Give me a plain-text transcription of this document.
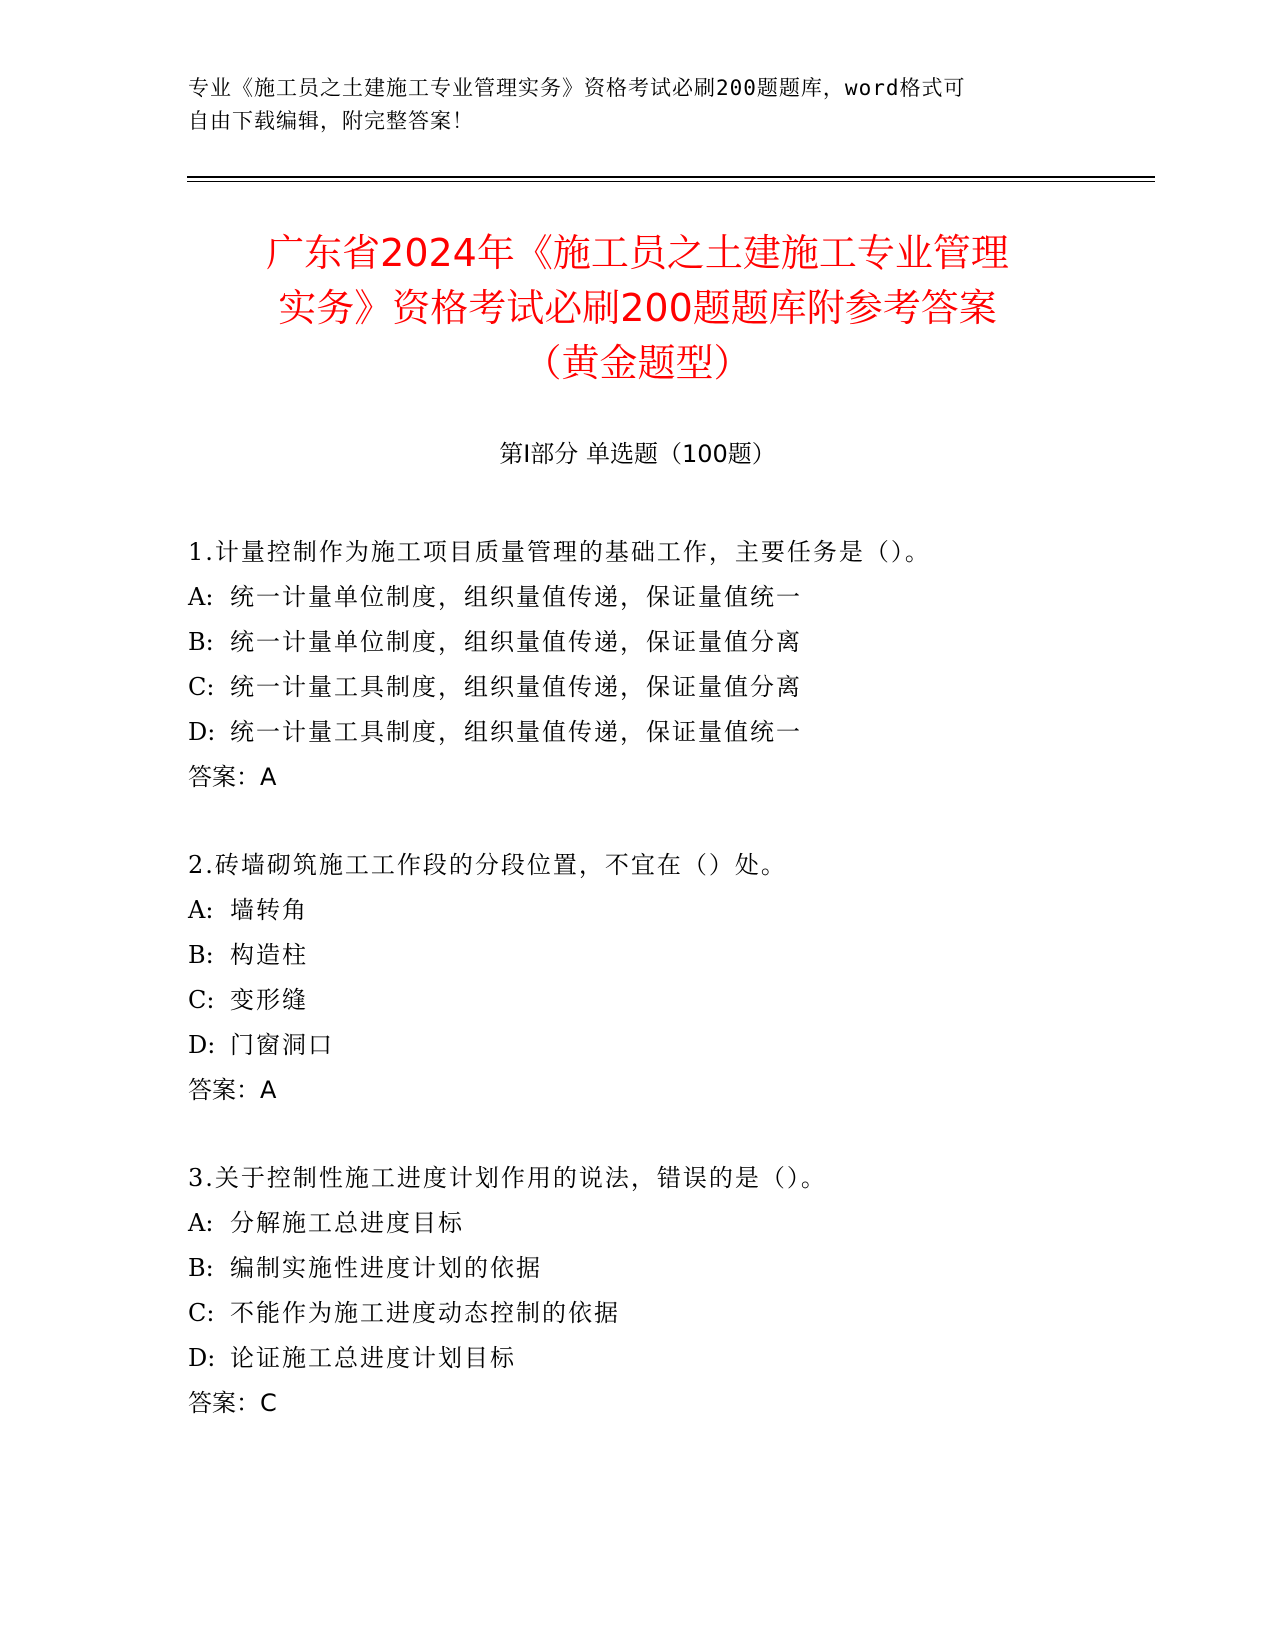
专业《施工员之土建施工专业管理实务》资格考试必刷200题题库，word格式可
自由下载编辑，附完整答案！
广东省2024年《施工员之土建施工专业管理
实务》资格考试必刷200题题库附参考答案
（黄金题型）
第Ⅰ部分 单选题（100题）
1.计量控制作为施工项目质量管理的基础工作，主要任务是（）。
A: 统一计量单位制度，组织量值传递，保证量值统一
B: 统一计量单位制度，组织量值传递，保证量值分离
C: 统一计量工具制度，组织量值传递，保证量值分离
D: 统一计量工具制度，组织量值传递，保证量值统一
答案：A
2.砖墙砌筑施工工作段的分段位置，不宜在（）处。
A: 墙转角
B: 构造柱
C: 变形缝
D: 门窗洞口
答案：A
3.关于控制性施工进度计划作用的说法，错误的是（）。
A: 分解施工总进度目标
B: 编制实施性进度计划的依据
C: 不能作为施工进度动态控制的依据
D: 论证施工总进度计划目标
答案：C
